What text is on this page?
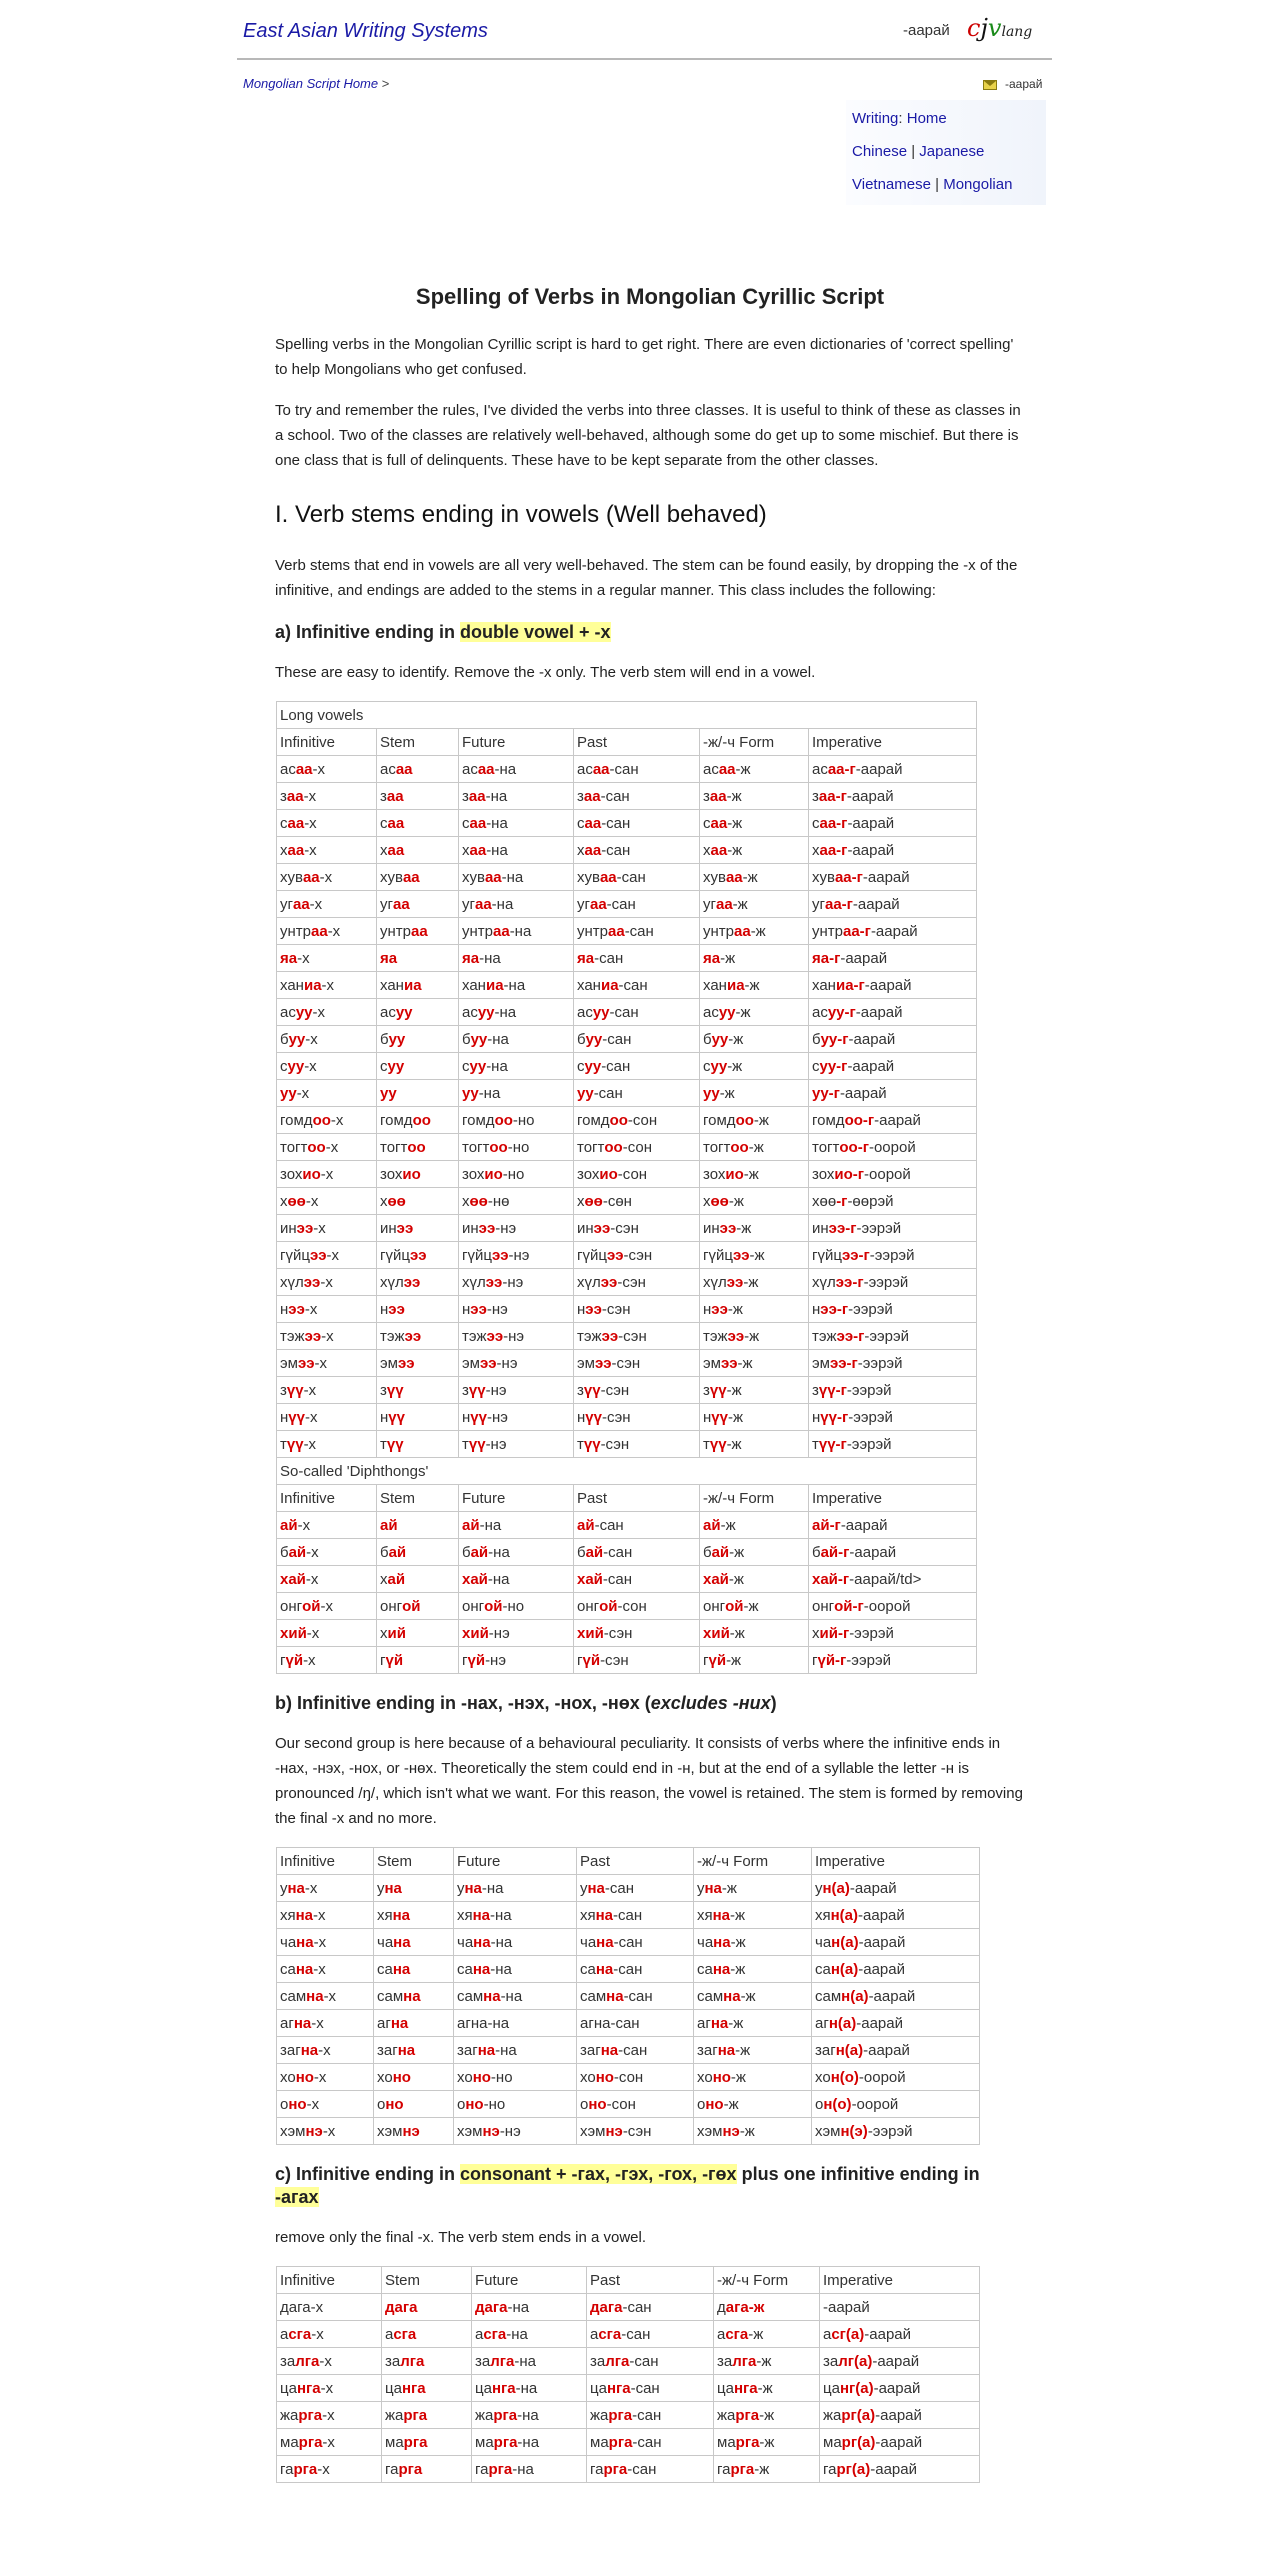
East Asian Writing Systems	-аарай cjvlang
Mongolian Script Home >	-аарай
Writing: Home
Chinese | Japanese
Vietnamese | Mongolian
Spelling of Verbs in Mongolian Cyrillic Script

Spelling verbs in the Mongolian Cyrillic script is hard to get right. There are even dictionaries of 'correct spelling' to help Mongolians who get confused.

To try and remember the rules, I've divided the verbs into three classes. It is useful to think of these as classes in a school. Two of the classes are relatively well-behaved, although some do get up to some mischief. But there is one class that is full of delinquents. These have to be kept separate from the other classes.

I. Verb stems ending in vowels (Well behaved)

Verb stems that end in vowels are all very well-behaved. The stem can be found easily, by dropping the -x of the infinitive, and endings are added to the stems in a regular manner. This class includes the following:

a) Infinitive ending in double vowel + -x

These are easy to identify. Remove the -x only. The verb stem will end in a vowel.

Long vowels					
Infinitive	Stem	Future	Past	-ж/-ч Form	Imperative
асаа-х	асаа	асаа-на	асаа-сан	асаа-ж	асаа-г-аарай
заа-х	заа	заа-на	заа-сан	заа-ж	заа-г-аарай
саа-х	саа	саа-на	саа-сан	саа-ж	саа-г-аарай
хаа-х	хаа	хаа-на	хаа-сан	хаа-ж	хаа-г-аарай
хуваа-х	хуваа	хуваа-на	хуваа-сан	хуваа-ж	хуваа-г-аарай
угаа-х	угаа	угаа-на	угаа-сан	угаа-ж	угаа-г-аарай
унтраа-х	унтраа	унтраа-на	унтраа-сан	унтраа-ж	унтраа-г-аарай
яа-х	яа	яа-на	яа-сан	яа-ж	яа-г-аарай
ханиа-х	ханиа	ханиа-на	ханиа-сан	ханиа-ж	ханиа-г-аарай
асуу-х	асуу	асуу-на	асуу-сан	асуу-ж	асуу-г-аарай
буу-х	буу	буу-на	буу-сан	буу-ж	буу-г-аарай
суу-х	суу	суу-на	суу-сан	суу-ж	суу-г-аарай
уу-х	уу	уу-на	уу-сан	уу-ж	уу-г-аарай
гомдоо-х	гомдоо	гомдоо-но	гомдоо-сон	гомдоо-ж	гомдоо-г-аарай
тогтоо-х	тогтоо	тогтоо-но	тогтоо-сон	тогтоо-ж	тогтоо-г-оорой
зохио-х	зохио	зохио-но	зохио-сон	зохио-ж	зохио-г-оорой
хөө-х	хөө	хөө-нө	хөө-сөн	хөө-ж	хөө-г-өөрэй
инээ-х	инээ	инээ-нэ	инээ-сэн	инээ-ж	инээ-г-ээрэй
гүйцээ-х	гүйцээ	гүйцээ-нэ	гүйцээ-сэн	гүйцээ-ж	гүйцээ-г-ээрэй
хүлээ-х	хүлээ	хүлээ-нэ	хүлээ-сэн	хүлээ-ж	хүлээ-г-ээрэй
нээ-х	нээ	нээ-нэ	нээ-сэн	нээ-ж	нээ-г-ээрэй
тэжээ-х	тэжээ	тэжээ-нэ	тэжээ-сэн	тэжээ-ж	тэжээ-г-ээрэй
эмээ-х	эмээ	эмээ-нэ	эмээ-сэн	эмээ-ж	эмээ-г-ээрэй
зүү-х	зүү	зүү-нэ	зүү-сэн	зүү-ж	зүү-г-ээрэй
нүү-х	нүү	нүү-нэ	нүү-сэн	нүү-ж	нүү-г-ээрэй
түү-х	түү	түү-нэ	түү-сэн	түү-ж	түү-г-ээрэй
So-called 'Diphthongs'					
Infinitive	Stem	Future	Past	-ж/-ч Form	Imperative
ай-х	ай	ай-на	ай-сан	ай-ж	ай-г-аарай
бай-х	бай	бай-на	бай-сан	бай-ж	бай-г-аарай
хай-х	хай	хай-на	хай-сан	хай-ж	хай-г-аарай/td>
онгой-х	онгой	онгой-но	онгой-сон	онгой-ж	онгой-г-оорой
хий-х	хий	хий-нэ	хий-сэн	хий-ж	хий-г-ээрэй
гүй-х	гүй	гүй-нэ	гүй-сэн	гүй-ж	гүй-г-ээрэй
b) Infinitive ending in -нах, -нэх, -нох, -нөх (excludes -нuх)

Our second group is here because of a behavioural peculiarity. It consists of verbs where the infinitive ends in -нах, -нэх, -нох, or -нөх. Theoretically the stem could end in -н, but at the end of a syllable the letter -н is pronounced /ŋ/, which isn't what we want. For this reason, the vowel is retained. The stem is formed by removing the final -х and no more.

Infinitive	Stem	Future	Past	-ж/-ч Form	Imperative
уна-х	уна	уна-на	уна-сан	уна-ж	ун(а)-аарай
хяна-х	хяна	хяна-на	хяна-сан	хяна-ж	хян(а)-аарай
чана-х	чана	чана-на	чана-сан	чана-ж	чан(а)-аарай
сана-х	сана	сана-на	сана-сан	сана-ж	сан(а)-аарай
самна-х	самна	самна-на	самна-сан	самна-ж	самн(а)-аарай
агна-х	агна	агна-на	агна-сан	агна-ж	агн(а)-аарай
загна-х	загна	загна-на	загна-сан	загна-ж	загн(а)-аарай
хоно-х	хоно	хоно-но	хоно-сон	хоно-ж	хон(о)-оорой
оно-х	оно	оно-но	оно-сон	оно-ж	он(о)-оорой
хэмнэ-х	хэмнэ	хэмнэ-нэ	хэмнэ-сэн	хэмнэ-ж	хэмн(э)-ээрэй
c) Infinitive ending in consonant + -гах, -гэх, -гох, -гөх plus one infinitive ending in -агах

remove only the final -х. The verb stem ends in a vowel.

Infinitive	Stem	Future	Past	-ж/-ч Form	Imperative
дага-х	дага	дага-на	дага-сан	дага-ж	-аарай
асга-х	асга	асга-на	асга-сан	асга-ж	асг(а)-аарай
залга-х	залга	залга-на	залга-сан	залга-ж	залг(а)-аарай
цанга-х	цанга	цанга-на	цанга-сан	цанга-ж	цанг(а)-аарай
жарга-х	жарга	жарга-на	жарга-сан	жарга-ж	жарг(а)-аарай
марга-х	марга	марга-на	марга-сан	марга-ж	марг(а)-аарай
гарга-х	гарга	гарга-на	гарга-сан	гарга-ж	гарг(а)-аарай
